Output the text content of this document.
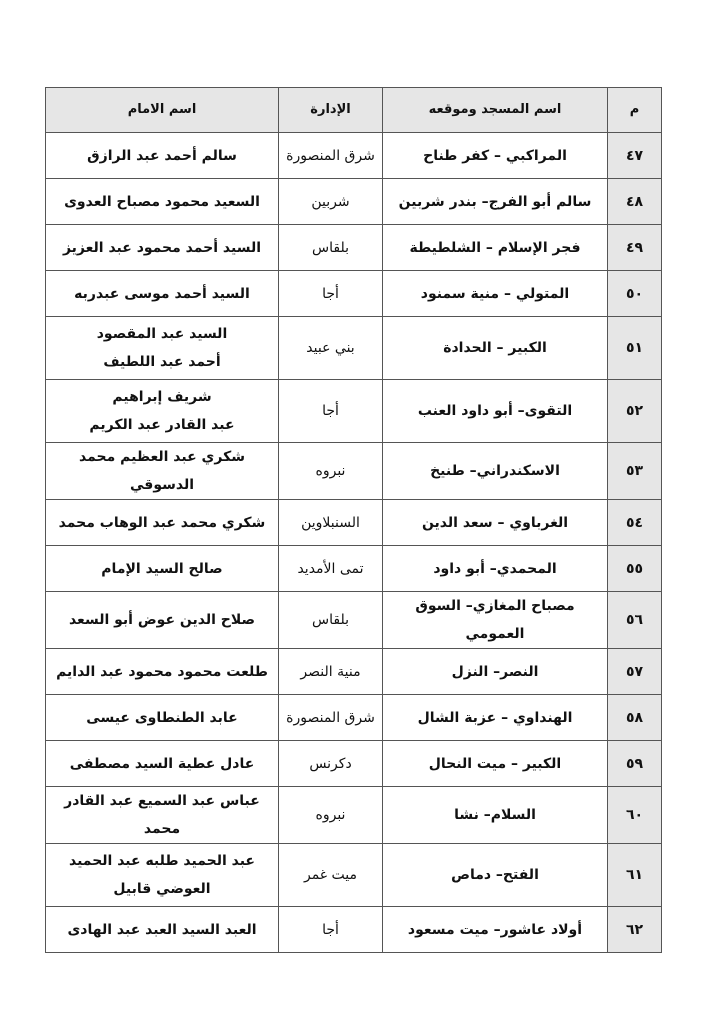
م	اسم المسجد وموقعه	الإدارة	اسم الامام
٤٧	المراكبي – كفر طناح	شرق المنصورة	سالم أحمد عبد الرازق

٤٨	سالم أبو الفرج– بندر شربين	شربين	السعيد محمود مصباح العدوى

٤٩	فجر الإسلام – الشلطيطة	بلقاس	السيد أحمد محمود عبد العزيز

٥٠	المتولي – منية سمنود	أجا	السيد أحمد موسى عبدربه

٥١	الكبير – الحدادة	بني عبيد	السيد عبد المقصود
أحمد عبد اللطيف

٥٢	التقوى– أبو داود العنب	أجا	شريف إبراهيم
عبد القادر عبد الكريم

٥٣	الاسكندراني– طنيخ	نبروه	شكري عبد العظيم محمد الدسوقي

٥٤	الغرباوي – سعد الدين	السنبلاوين	شكري محمد عبد الوهاب محمد

٥٥	المحمدي– أبو داود	تمى الأمديد	صالح السيد الإمام

٥٦	مصباح المغازي– السوق العمومي	بلقاس	صلاح الدين عوض أبو السعد

٥٧	النصر– النزل	منية النصر	طلعت محمود محمود عبد الدايم

٥٨	الهنداوي – عزبة الشال	شرق المنصورة	عابد الطنطاوى عيسى

٥٩	الكبير – ميت النحال	دكرنس	عادل عطية السيد مصطفى

٦٠	السلام– نشا	نبروه	عباس عبد السميع عبد القادر محمد

٦١	الفتح– دماص	ميت غمر	عبد الحميد طلبه عبد الحميد
العوضي قابيل

٦٢	أولاد عاشور– ميت مسعود	أجا	العبد السيد العبد عبد الهادى
